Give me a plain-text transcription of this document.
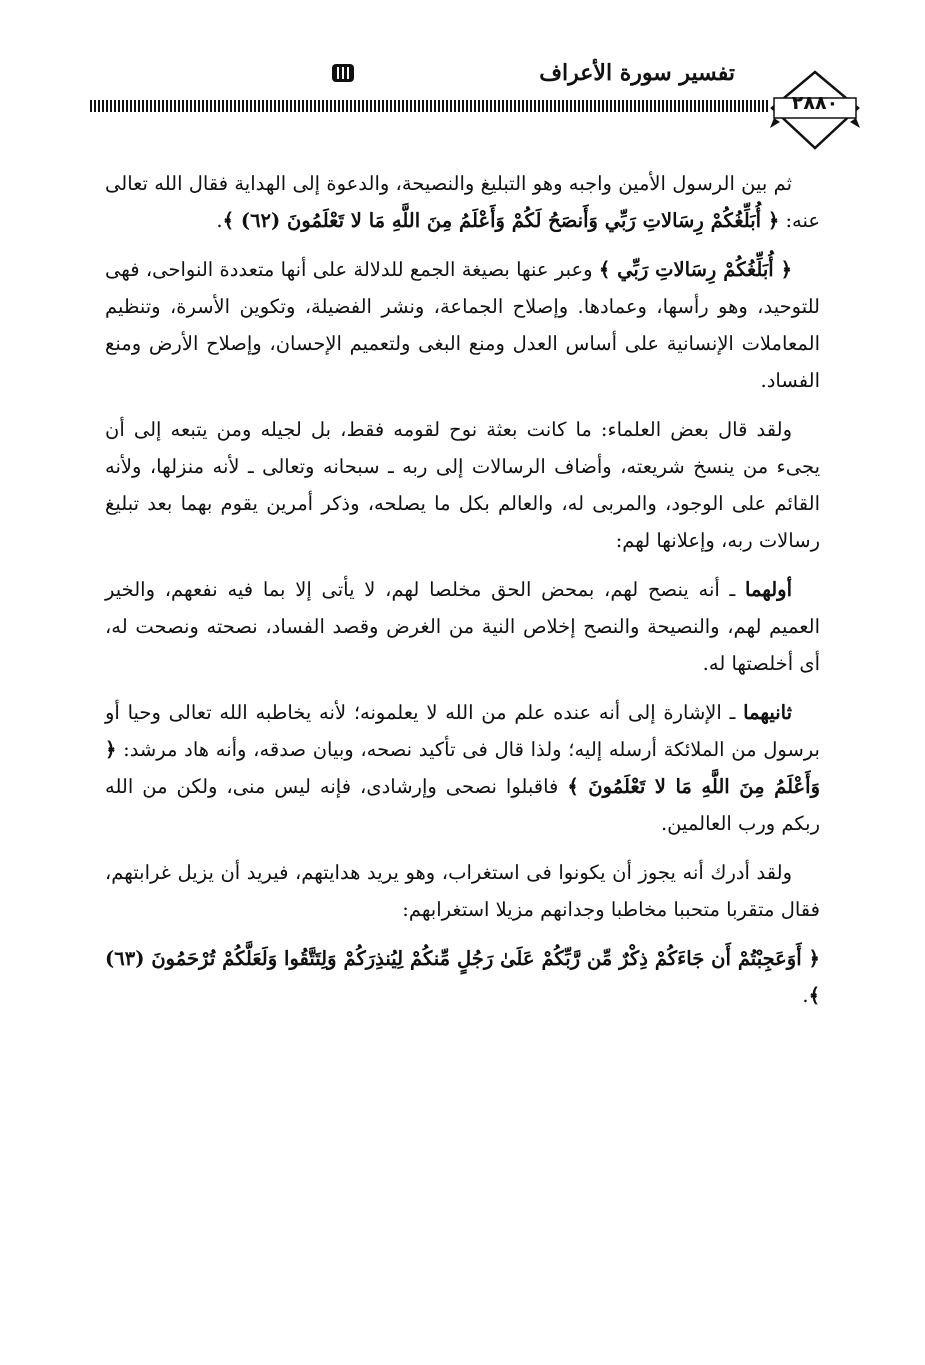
تفسير سورة الأعراف
٢٨٨٠

ثم بين الرسول الأمين واجبه وهو التبليغ والنصيحة، والدعوة إلى الهداية فقال الله تعالى عنه: ﴿ أُبَلِّغُكُمْ رِسَالاتِ رَبِّي وَأَنصَحُ لَكُمْ وَأَعْلَمُ مِنَ اللَّهِ مَا لا تَعْلَمُونَ (٦٢) ﴾.

﴿ أُبَلِّغُكُمْ رِسَالاتِ رَبِّي ﴾ وعبر عنها بصيغة الجمع للدلالة على أنها متعددة النواحى، فهى للتوحيد، وهو رأسها، وعمادها. وإصلاح الجماعة، ونشر الفضيلة، وتكوين الأسرة، وتنظيم المعاملات الإنسانية على أساس العدل ومنع البغى ولتعميم الإحسان، وإصلاح الأرض ومنع الفساد.

ولقد قال بعض العلماء: ما كانت بعثة نوح لقومه فقط، بل لجيله ومن يتبعه إلى أن يجىء من ينسخ شريعته، وأضاف الرسالات إلى ربه ـ سبحانه وتعالى ـ لأنه منزلها، ولأنه القائم على الوجود، والمربى له، والعالم بكل ما يصلحه، وذكر أمرين يقوم بهما بعد تبليغ رسالات ربه، وإعلانها لهم:

أولهما ـ أنه ينصح لهم، بمحض الحق مخلصا لهم، لا يأتى إلا بما فيه نفعهم، والخير العميم لهم، والنصيحة والنصح إخلاص النية من الغرض وقصد الفساد، نصحته ونصحت له، أى أخلصتها له.

ثانيهما ـ الإشارة إلى أنه عنده علم من الله لا يعلمونه؛ لأنه يخاطبه الله تعالى وحيا أو برسول من الملائكة أرسله إليه؛ ولذا قال فى تأكيد نصحه، وبيان صدقه، وأنه هاد مرشد: ﴿ وَأَعْلَمُ مِنَ اللَّهِ مَا لا تَعْلَمُونَ ﴾ فاقبلوا نصحى وإرشادى، فإنه ليس منى، ولكن من الله ربكم ورب العالمين.

ولقد أدرك أنه يجوز أن يكونوا فى استغراب، وهو يريد هدايتهم، فيريد أن يزيل غرابتهم، فقال متقربا متحببا مخاطبا وجدانهم مزيلا استغرابهم:

﴿ أَوَعَجِبْتُمْ أَن جَاءَكُمْ ذِكْرٌ مِّن رَّبِّكُمْ عَلَىٰ رَجُلٍ مِّنكُمْ لِيُنذِرَكُمْ وَلِتَتَّقُوا وَلَعَلَّكُمْ تُرْحَمُونَ (٦٣) ﴾.
